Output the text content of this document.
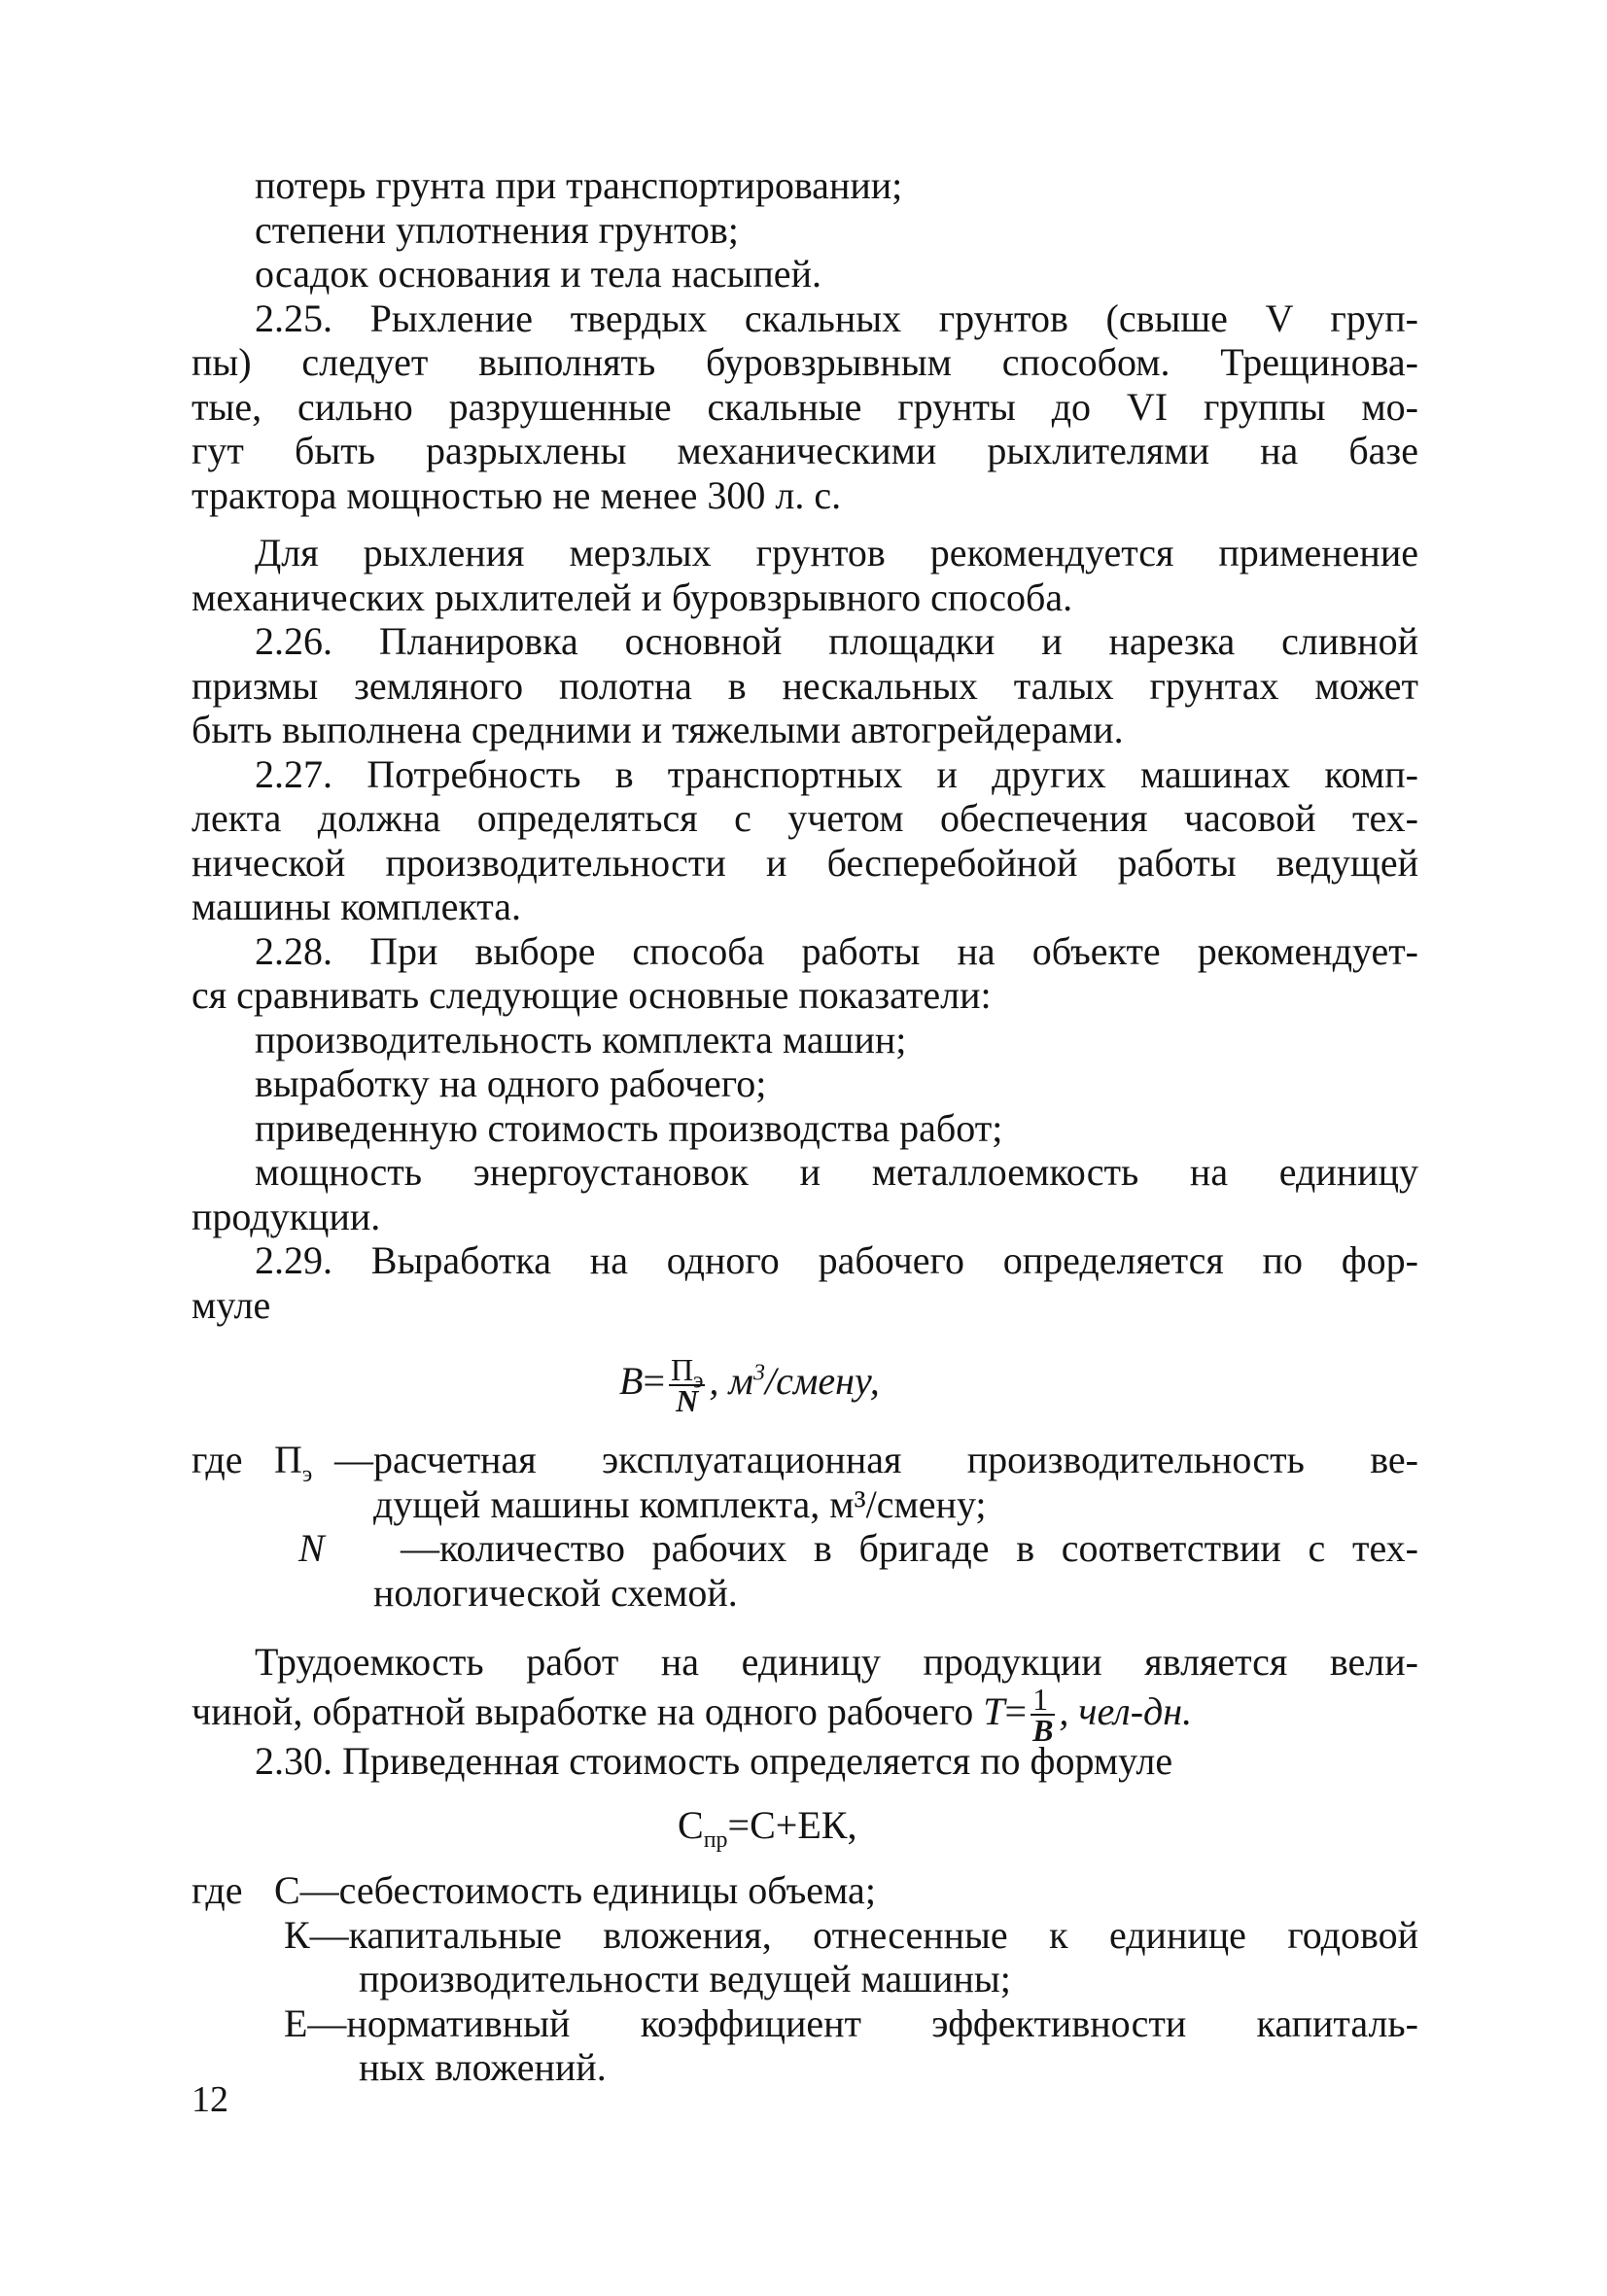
потерь грунта при транспортировании;
степени уплотнения грунтов;
осадок основания и тела насыпей.
2.25. Рыхление твердых скальных грунтов (свыше V груп-
пы) следует выполнять буровзрывным способом. Трещинова-
тые, сильно разрушенные скальные грунты до VI группы мо-
гут быть разрыхлены механическими рыхлителями на базе
трактора мощностью не менее 300 л. с.
Для рыхления мерзлых грунтов рекомендуется применение
механических рыхлителей и буровзрывного способа.
2.26. Планировка основной площадки и нарезка сливной
призмы земляного полотна в нескальных талых грунтах может
быть выполнена средними и тяжелыми автогрейдерами.
2.27. Потребность в транспортных и других машинах комп-
лекта должна определяться с учетом обеспечения часовой тех-
нической производительности и бесперебойной работы ведущей
машины комплекта.
2.28. При выборе способа работы на объекте рекомендует-
ся сравнивать следующие основные показатели:
производительность комплекта машин;
выработку на одного рабочего;
приведенную стоимость производства работ;
мощность энергоустановок и металлоемкость на единицу
продукции.
2.29. Выработка на одного рабочего определяется по фор-
муле
$B= \frac{П_э}{N}$ , $м^3$/смену,
где $П_э$ —расчетная эксплуатационная производительность ве-
дущей машины комплекта, м³/смену;
N	—количество рабочих в бригаде в соответствии с тех-
нологической схемой.
Трудоемкость работ на единицу продукции является вели-
чиной, обратной выработке на одного рабочего $T= \frac{1}{B}$ , чел-дн.
2.30. Приведенная стоимость определяется по формуле
$С_{пр}=С+ЕК$,
где С—себестоимость единицы объема;
К—капитальные вложения, отнесенные к единице годовой
производительности ведущей машины;
Е—нормативный коэффициент эффективности капиталь-
ных вложений.
12
